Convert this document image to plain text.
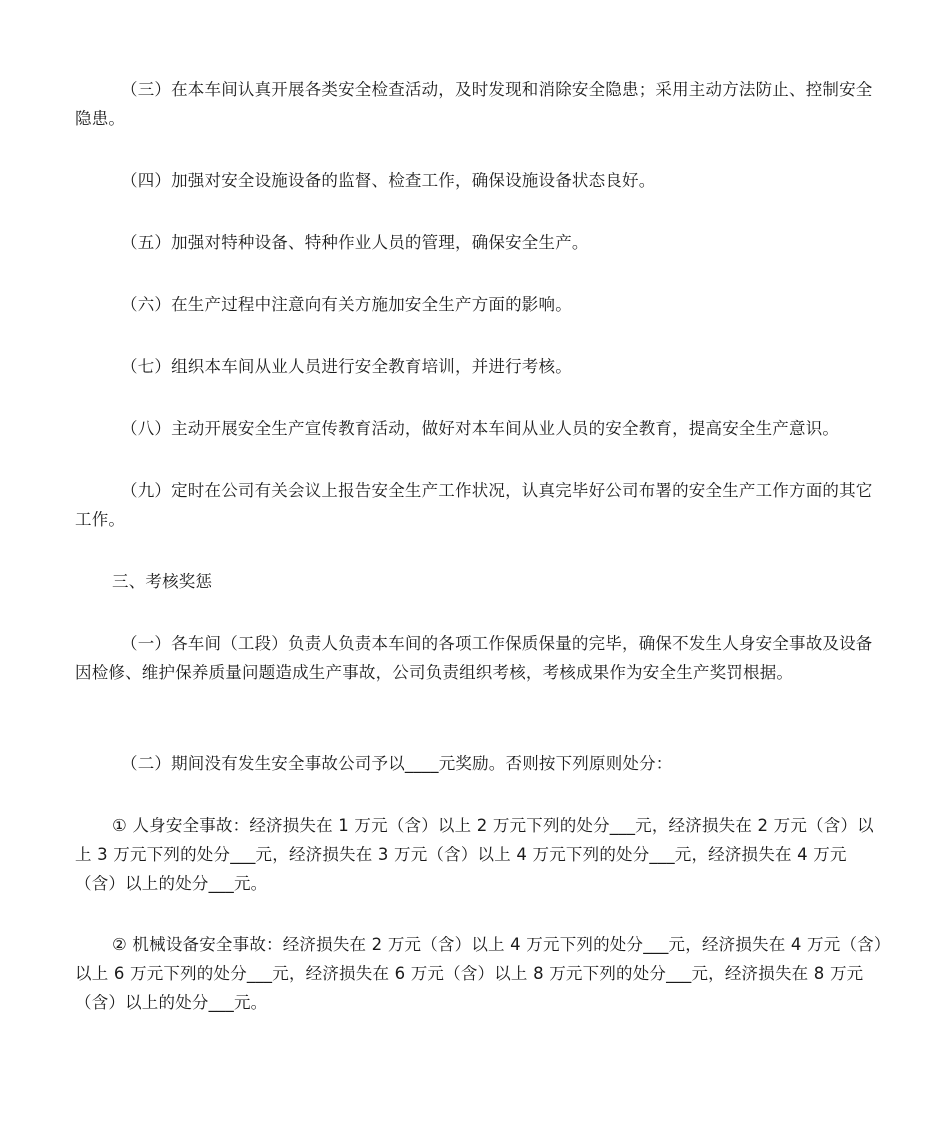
（三）在本车间认真开展各类安全检查活动，及时发现和消除安全隐患；采用主动方法防止、控制安全隐患。

（四）加强对安全设施设备的监督、检查工作，确保设施设备状态良好。

（五）加强对特种设备、特种作业人员的管理，确保安全生产。

（六）在生产过程中注意向有关方施加安全生产方面的影响。

（七）组织本车间从业人员进行安全教育培训，并进行考核。

（八）主动开展安全生产宣传教育活动，做好对本车间从业人员的安全教育，提高安全生产意识。

（九）定时在公司有关会议上报告安全生产工作状况，认真完毕好公司布署的安全生产工作方面的其它工作。

三、考核奖惩

（一）各车间（工段）负责人负责本车间的各项工作保质保量的完毕，确保不发生人身安全事故及设备因检修、维护保养质量问题造成生产事故，公司负责组织考核，考核成果作为安全生产奖罚根据。

（二）期间没有发生安全事故公司予以____元奖励。否则按下列原则处分：

① 人身安全事故：经济损失在 1 万元（含）以上 2 万元下列的处分___元，经济损失在 2 万元（含）以上 3 万元下列的处分___元，经济损失在 3 万元（含）以上 4 万元下列的处分___元，经济损失在 4 万元（含）以上的处分___元。

② 机械设备安全事故：经济损失在 2 万元（含）以上 4 万元下列的处分___元，经济损失在 4 万元（含）以上 6 万元下列的处分___元，经济损失在 6 万元（含）以上 8 万元下列的处分___元，经济损失在 8 万元（含）以上的处分___元。
